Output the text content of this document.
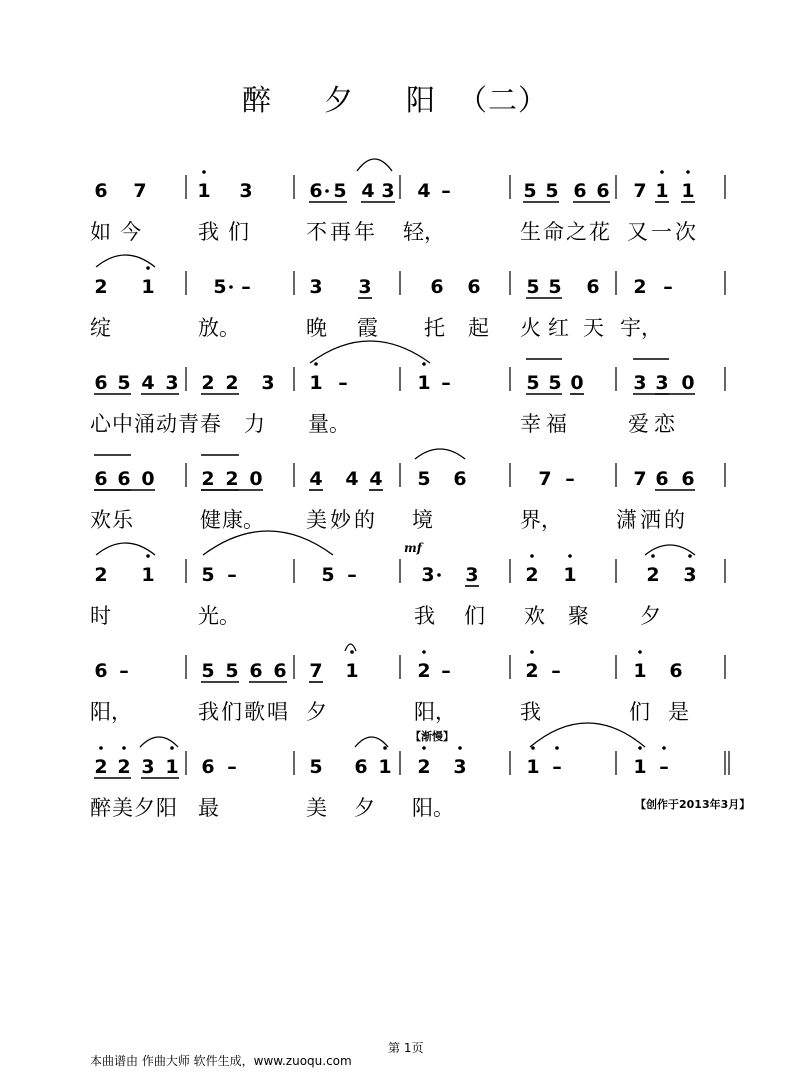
醉 夕 阳 （二）
6 7	1 3	6 5 4 3 4 –	5 5 6 6 7 1 1
如 今	我 们	不 再 年 轻，	生 命 之 花 又 一 次
2 1	5 –	3 3	6 6 5 5 6 2 –
绽	放。	晚 霞 托 起 火 红 天 宇，
6 5 4 3 2 2 3 1 –	1 –	5 5 0	3 3 0
心 中 涌 动 青 春 力 量。	幸 福	爱 恋
6 6 0 2 2 0 4 4 4 5 6	7 –	7 6 6
欢 乐	健 康。 美 妙 的 境	界，	潇 洒 的
2 1 5 –	5 –	3 3 2 1	2 3
时	光。	我 们 欢 聚 夕
6 –	5 5 6 6 7 1	2 –	2 –	1 6
阳，	我 们 歌 唱 夕	阳，	我	们 是
2 2 3 1 6 –	5 6 1 2 3	1 –	1 –
醉 美 夕 阳 最	美 夕 阳。
mf
【渐慢】
【创作于2013年3月】
第 1页
本曲谱由 作曲大师 软件生成，www.zuoqu.com
